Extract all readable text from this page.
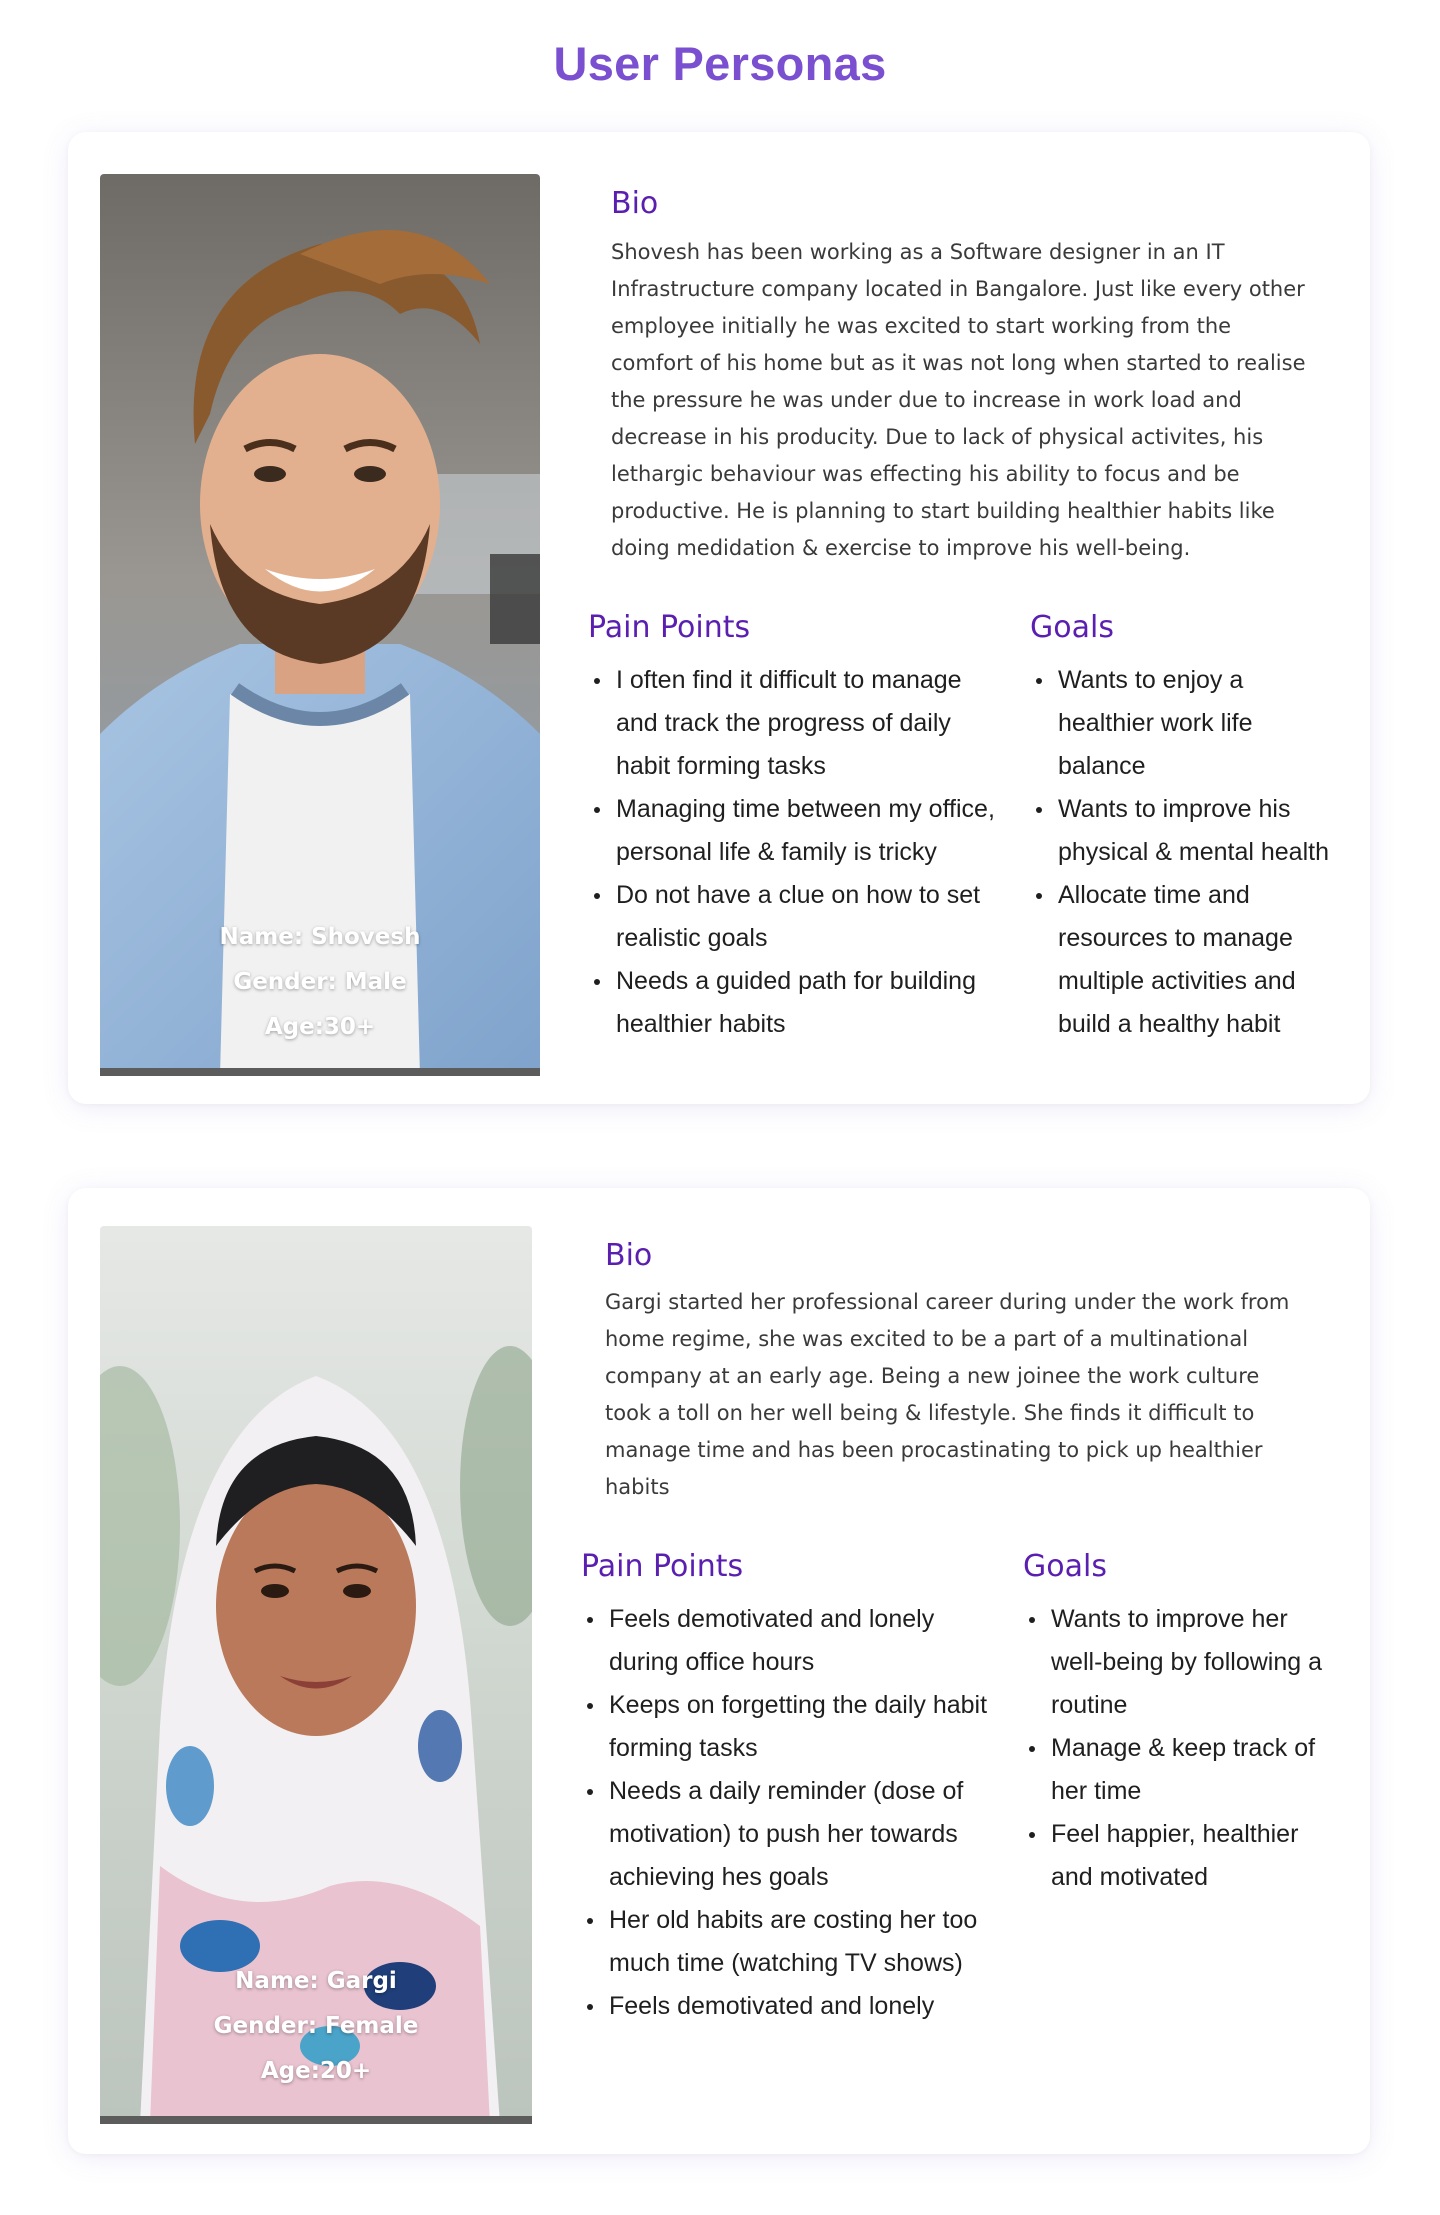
User Personas
Name: Shovesh
Gender: Male
Age:30+
Bio
Shovesh has been working as a Software designer in an IT
Infrastructure company located in Bangalore. Just like every other
employee initially he was excited to start working from the
comfort of his home but as it was not long when started to realise
the pressure he was under due to increase in work load and
decrease in his producity. Due to lack of physical activites, his
lethargic behaviour was effecting his ability to focus and be
productive. He is planning to start building healthier habits like
doing medidation & exercise to improve his well-being.
Pain Points
I often find it difficult to manage
and track the progress of daily
habit forming tasks
Managing time between my office,
personal life & family is tricky
Do not have a clue on how to set
realistic goals
Needs a guided path for building
healthier habits
Goals
Wants to enjoy a
healthier work life
balance
Wants to improve his
physical & mental health
Allocate time and
resources to manage
multiple activities and
build a healthy habit
Name: Gargi
Gender: Female
Age:20+
Bio
Gargi started her professional career during under the work from
home regime, she was excited to be a part of a multinational
company at an early age. Being a new joinee the work culture
took a toll on her well being & lifestyle. She finds it difficult to
manage time and has been procastinating to pick up healthier
habits
Pain Points
Feels demotivated and lonely
during office hours
Keeps on forgetting the daily habit
forming tasks
Needs a daily reminder (dose of
motivation) to push her towards
achieving hes goals
Her old habits are costing her too
much time (watching TV shows)
Feels demotivated and lonely
Goals
Wants to improve her
well-being by following a
routine
Manage & keep track of
her time
Feel happier, healthier
and motivated
